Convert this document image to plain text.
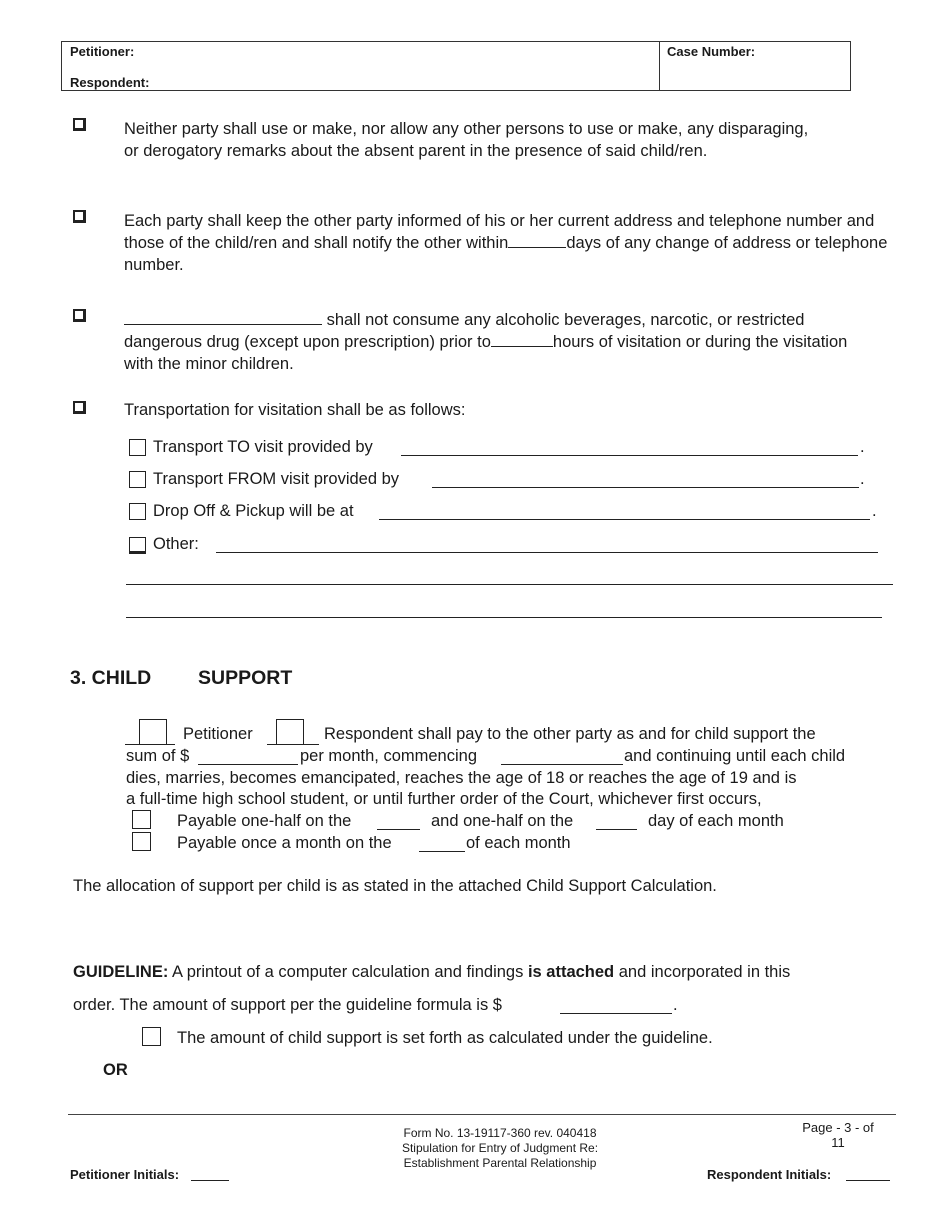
Petitioner:
Respondent:
Case Number:
Neither party shall use or make, nor allow any other persons to use or make, any disparaging, or derogatory remarks about the absent parent in the presence of said child/ren.
Each party shall keep the other party informed of his or her current address and telephone number and those of the child/ren and shall notify the other within	days of any change of address or telephone number.
shall not consume any alcoholic beverages, narcotic, or restricted dangerous drug (except upon prescription) prior to	hours of visitation or during the visitation with the minor children.
Transportation for visitation shall be as follows:
Transport TO visit provided by	.
Transport FROM visit provided by	.
Drop Off & Pickup will be at	.
Other:
3. CHILD SUPPORT
Petitioner	Respondent shall pay to the other party as and for child support the
sum of $	per month, commencing	and continuing until each child
dies, marries, becomes emancipated, reaches the age of 18 or reaches the age of 19 and is
a full-time high school student, or until further order of the Court, whichever first occurs,
Payable one-half on the	and one-half on the	day of each month
Payable once a month on the	of each month
The allocation of support per child is as stated in the attached Child Support Calculation.
GUIDELINE: A printout of a computer calculation and findings is attached and incorporated in this
order. The amount of support per the guideline formula is $	.
The amount of child support is set forth as calculated under the guideline.
OR
Form No. 13-19117-360 rev. 040418
Stipulation for Entry of Judgment Re:
Establishment Parental Relationship
Page - 3 - of
11
Petitioner Initials:	Respondent Initials:
